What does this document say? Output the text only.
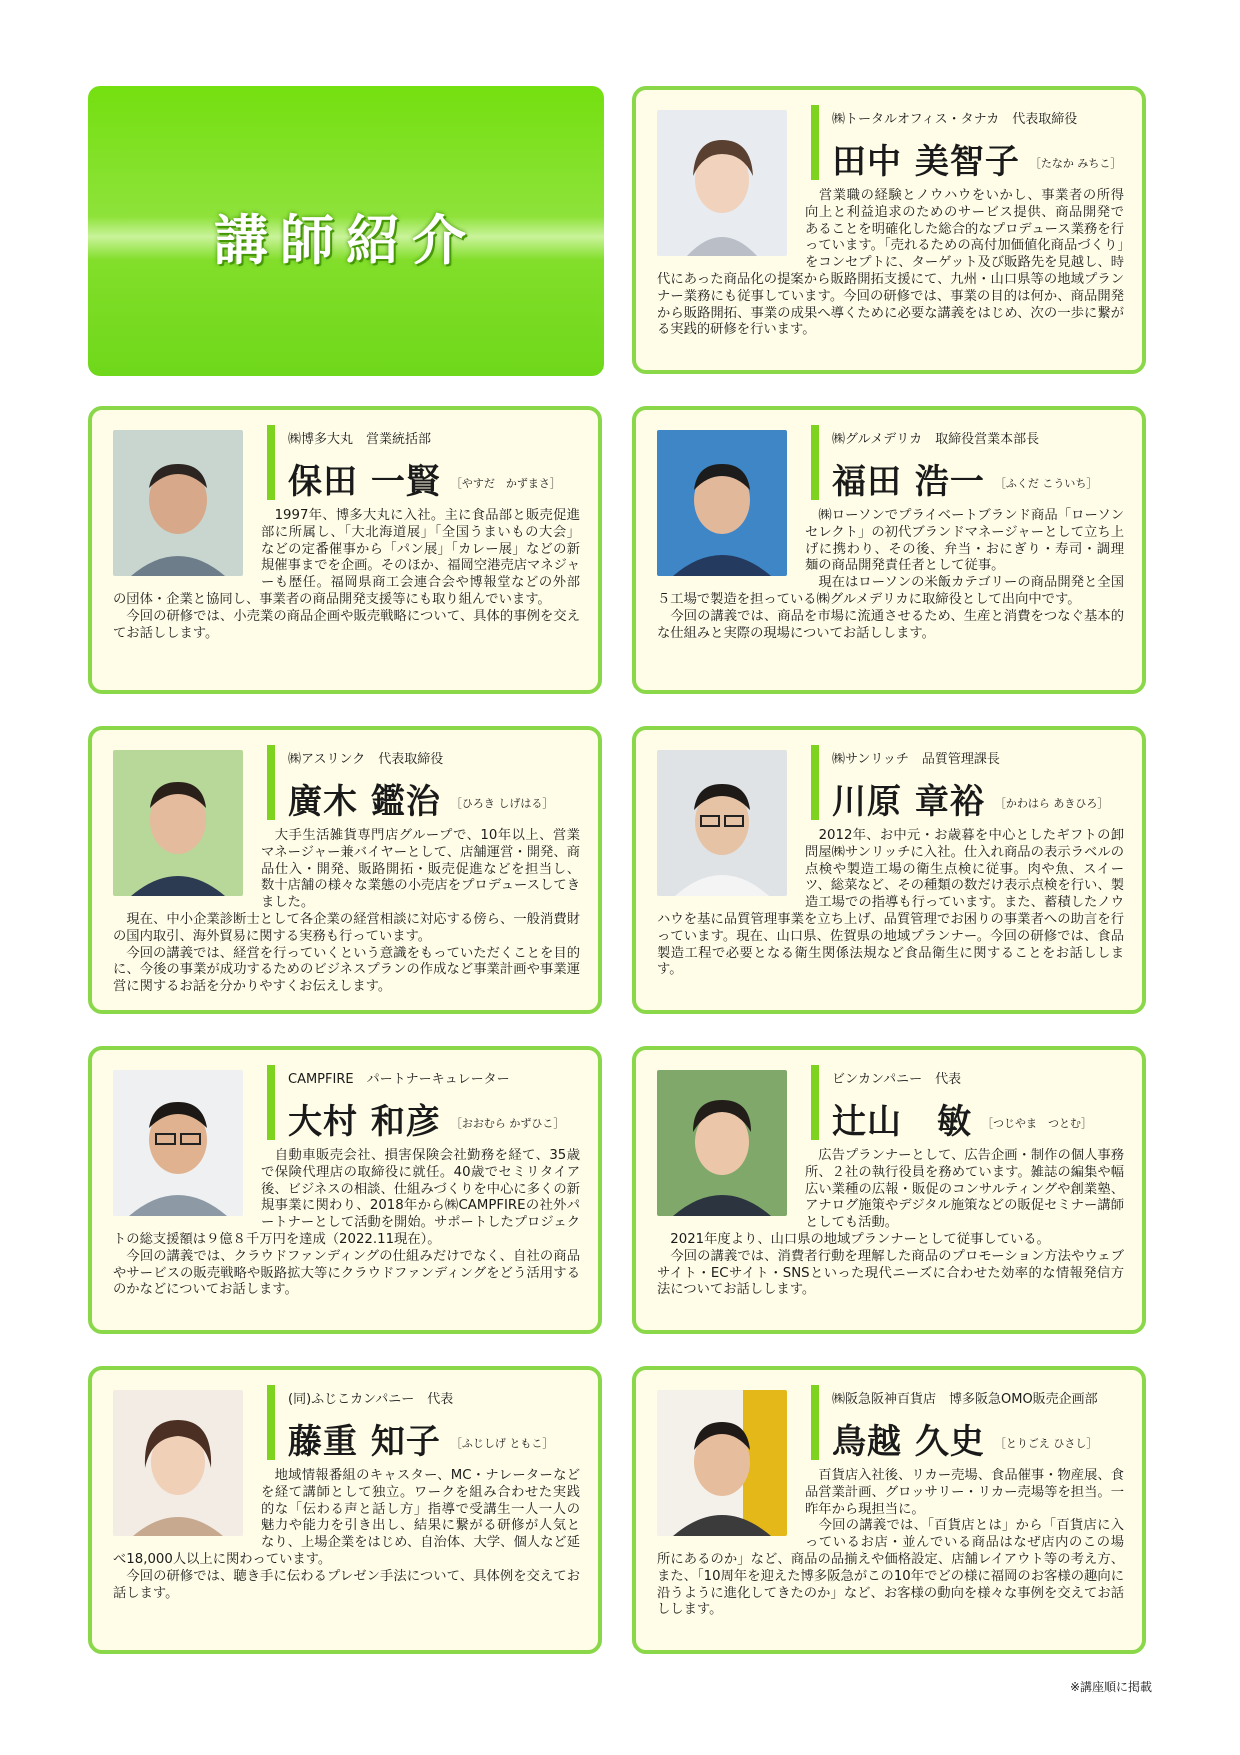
講師紹介
㈱トータルオフィス・タナカ　代表取締役
田中 美智子 $^{[たなか みちこ]}$
　営業職の経験とノウハウをいかし、事業者の所得向上と利益追求のためのサービス提供、商品開発であることを明確化した総合的なプロデュース業務を行っています。「売れるための高付加価値化商品づくり」をコンセプトに、ターゲット及び販路先を見越し、時代にあった商品化の提案から販路開拓支援にて、九州・山口県等の地域プランナー業務にも従事しています。今回の研修では、事業の目的は何か、商品開発から販路開拓、事業の成果へ導くために必要な講義をはじめ、次の一歩に繋がる実践的研修を行います。
㈱博多大丸　営業統括部
保田 一賢 $^{[やすだ かずまさ]}$
　1997年、博多大丸に入社。主に食品部と販売促進部に所属し、「大北海道展」「全国うまいもの大会」などの定番催事から「パン展」「カレー展」などの新規催事までを企画。そのほか、福岡空港売店マネジャーも歴任。福岡県商工会連合会や博報堂などの外部の団体・企業と協同し、事業者の商品開発支援等にも取り組んでいます。
　今回の研修では、小売業の商品企画や販売戦略について、具体的事例を交えてお話しします。
㈱グルメデリカ　取締役営業本部長
福田 浩一 $^{[ふくだ こういち]}$
　㈱ローソンでプライベートブランド商品「ローソンセレクト」の初代ブランドマネージャーとして立ち上げに携わり、その後、弁当・おにぎり・寿司・調理麺の商品開発責任者として従事。
　現在はローソンの米飯カテゴリーの商品開発と全国５工場で製造を担っている㈱グルメデリカに取締役として出向中です。
　今回の講義では、商品を市場に流通させるため、生産と消費をつなぐ基本的な仕組みと実際の現場についてお話しします。
㈱アスリンク　代表取締役
廣木 鑑治 $^{[ひろき しげはる]}$
　大手生活雑貨専門店グループで、10年以上、営業マネージャー兼バイヤーとして、店舗運営・開発、商品仕入・開発、販路開拓・販売促進などを担当し、数十店舗の様々な業態の小売店をプロデュースしてきました。
　現在、中小企業診断士として各企業の経営相談に対応する傍ら、一般消費財の国内取引、海外貿易に関する実務も行っています。
　今回の講義では、経営を行っていくという意識をもっていただくことを目的に、今後の事業が成功するためのビジネスプランの作成など事業計画や事業運営に関するお話を分かりやすくお伝えします。
㈱サンリッチ　品質管理課長
川原 章裕 $^{[かわはら あきひろ]}$
　2012年、お中元・お歳暮を中心としたギフトの卸問屋㈱サンリッチに入社。仕入れ商品の表示ラベルの点検や製造工場の衛生点検に従事。肉や魚、スイーツ、総菜など、その種類の数だけ表示点検を行い、製造工場での指導も行っています。また、蓄積したノウハウを基に品質管理事業を立ち上げ、品質管理でお困りの事業者への助言を行っています。現在、山口県、佐賀県の地域プランナー。今回の研修では、食品製造工程で必要となる衛生関係法規など食品衛生に関することをお話しします。
CAMPFIRE　パートナーキュレーター
大村 和彦 $^{[おおむら かずひこ]}$
　自動車販売会社、損害保険会社勤務を経て、35歳で保険代理店の取締役に就任。40歳でセミリタイア後、ビジネスの相談、仕組みづくりを中心に多くの新規事業に関わり、2018年から㈱CAMPFIREの社外パートナーとして活動を開始。サポートしたプロジェクトの総支援額は９億８千万円を達成（2022.11現在）。
　今回の講義では、クラウドファンディングの仕組みだけでなく、自社の商品やサービスの販売戦略や販路拡大等にクラウドファンディングをどう活用するのかなどについてお話します。
ビンカンパニー　代表
辻山　敏 $^{[つじやま つとむ]}$
　広告プランナーとして、広告企画・制作の個人事務所、２社の執行役員を務めています。雑誌の編集や幅広い業種の広報・販促のコンサルティングや創業塾、アナログ施策やデジタル施策などの販促セミナー講師としても活動。
　2021年度より、山口県の地域プランナーとして従事している。
　今回の講義では、消費者行動を理解した商品のプロモーション方法やウェブサイト・ECサイト・SNSといった現代ニーズに合わせた効率的な情報発信方法についてお話しします。
(同)ふじこカンパニー　代表
藤重 知子 $^{[ふじしげ ともこ]}$
　地域情報番組のキャスター、MC・ナレーターなどを経て講師として独立。ワークを組み合わせた実践的な「伝わる声と話し方」指導で受講生一人一人の魅力や能力を引き出し、結果に繋がる研修が人気となり、上場企業をはじめ、自治体、大学、個人など延べ18,000人以上に関わっています。
　今回の研修では、聴き手に伝わるプレゼン手法について、具体例を交えてお話します。
㈱阪急阪神百貨店　博多阪急OMO販売企画部
鳥越 久史 $^{[とりごえ ひさし]}$
　百貨店入社後、リカー売場、食品催事・物産展、食品営業計画、グロッサリー・リカー売場等を担当。一昨年から現担当に。
　今回の講義では、「百貨店とは」から「百貨店に入っているお店・並んでいる商品はなぜ店内のこの場所にあるのか」など、商品の品揃えや価格設定、店舗レイアウト等の考え方、また、「10周年を迎えた博多阪急がこの10年でどの様に福岡のお客様の趣向に沿うように進化してきたのか」など、お客様の動向を様々な事例を交えてお話しします。
※講座順に掲載
